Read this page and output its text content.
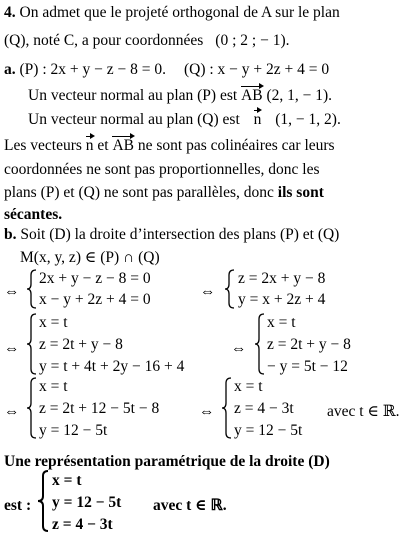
4. On admet que le projeté orthogonal de A sur le plan
(Q), noté C, a pour coordonnées (0 ; 2 ; − 1).
a. (P) : 2x + y − z − 8 = 0. (Q) : x − y + 2z + 4 = 0
Un vecteur normal au plan (P) est AB (2, 1, − 1).
Un vecteur normal au plan (Q) est n (1, − 1, 2).
Les vecteurs n et AB ne sont pas colinéaires car leurs
coordonnées ne sont pas proportionnelles, donc les
plans (P) et (Q) ne sont pas parallèles, donc ils sont
sécantes.
b. Soit (D) la droite d’intersection des plans (P) et (Q)
M(x, y, z) ∈ (P) ∩ (Q)
⇔
2x + y − z − 8 = 0
x − y + 2z + 4 = 0	⇔
z = 2x + y − 8
y = x + 2z + 4
⇔
x = t
z = 2t + y − 8
y = t + 4t + 2y − 16 + 4
⇔
x = t
z = 2t + y − 8
− y = 5t − 12
⇔
x = t
z = 2t + 12 − 5t − 8
y = 12 − 5t
⇔
x = t
z = 4 − 3t
y = 12 − 5t
avec t ∈ ℝ.
Une représentation paramétrique de la droite (D)
est :
x = t
y = 12 − 5t
z = 4 − 3t
avec t ∈ ℝ.
